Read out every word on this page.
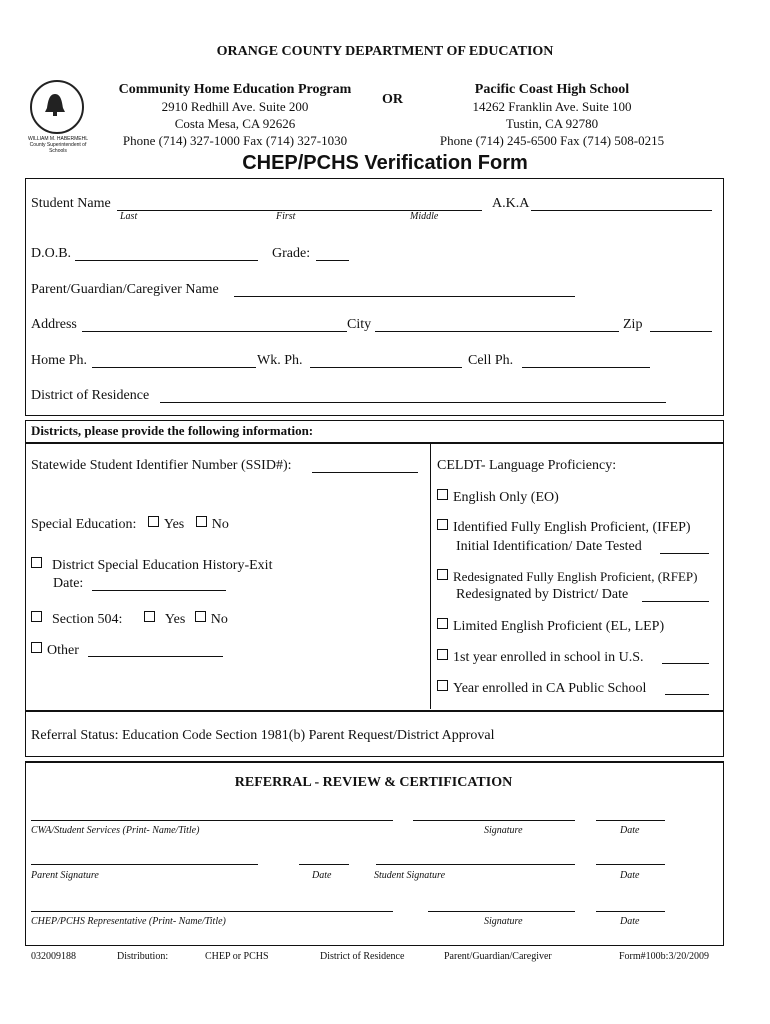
ORANGE COUNTY DEPARTMENT OF EDUCATION
WILLIAM M. HABERMEHL
County Superintendent of Schools
Community Home Education Program
2910 Redhill Ave. Suite 200
Costa Mesa, CA 92626
Phone (714) 327-1000 Fax (714) 327-1030
OR
Pacific Coast High School
14262 Franklin Ave. Suite 100
Tustin, CA 92780
Phone (714) 245-6500 Fax (714) 508-0215
CHEP/PCHS Verification Form
Student Name
Last	First	Middle
A.K.A
D.O.B.	Grade:
Parent/Guardian/Caregiver Name
Address	City	Zip
Home Ph.	Wk. Ph.	Cell Ph.
District of Residence
Districts, please provide the following information:
Statewide Student Identifier Number (SSID#):
Special Education: Yes No
District Special Education History-Exit
Date:
Section 504:	Yes No
Other
CELDT- Language Proficiency:
English Only (EO)
Identified Fully English Proficient, (IFEP)
Initial Identification/ Date Tested
Redesignated Fully English Proficient, (RFEP)
Redesignated by District/ Date
Limited English Proficient (EL, LEP)
1st year enrolled in school in U.S.
Year enrolled in CA Public School
Referral Status: Education Code Section 1981(b) Parent Request/District Approval
REFERRAL - REVIEW & CERTIFICATION
CWA/Student Services (Print- Name/Title)	Signature	Date
Parent Signature	Date	Student Signature	Date
CHEP/PCHS Representative (Print- Name/Title)	Signature	Date
032009188	Distribution:	CHEP or PCHS	District of Residence	Parent/Guardian/Caregiver	Form#100b:3/20/2009
